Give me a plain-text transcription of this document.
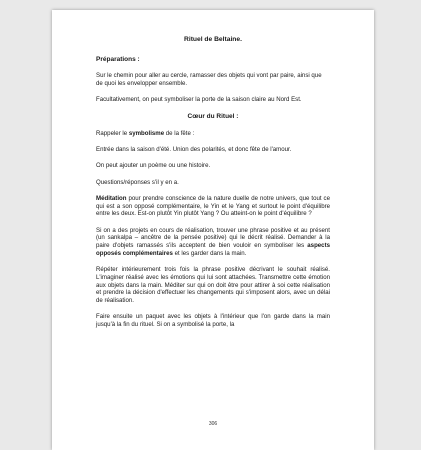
Rituel de Beltaine.

Préparations :

Sur le chemin pour aller au cercle, ramasser des objets qui vont par paire, ainsi que de quoi les envelopper ensemble.

Facultativement, on peut symboliser la porte de la saison claire au Nord Est.

Cœur du Rituel :

Rappeler le symbolisme de la fête :

Entrée dans la saison d'été. Union des polarités, et donc fête de l'amour.

On peut ajouter un poème ou une histoire.

Questions/réponses s'il y en a.

Méditation pour prendre conscience de la nature duelle de notre univers, que tout ce qui est a son opposé complémentaire, le Yin et le Yang et surtout le point d'équilibre entre les deux. Est-on plutôt Yin plutôt Yang ? Ou atteint-on le point d'équilibre ?

Si on a des projets en cours de réalisation, trouver une phrase positive et au présent (un sankalpa – ancêtre de la pensée positive) qui le décrit réalisé. Demander à la paire d'objets ramassés s'ils acceptent de bien vouloir en symboliser les aspects opposés complémentaires et les garder dans la main.

Répéter intérieurement trois fois la phrase positive décrivant le souhait réalisé. L'imaginer réalisé avec les émotions qui lui sont attachées. Transmettre cette émotion aux objets dans la main. Méditer sur qui on doit être pour attirer à soi cette réalisation et prendre la décision d'effectuer les changements qui s'imposent alors, avec un délai de réalisation.

Faire ensuite un paquet avec les objets à l'intérieur que l'on garde dans la main jusqu'à la fin du rituel. Si on a symbolisé la porte, la

306
